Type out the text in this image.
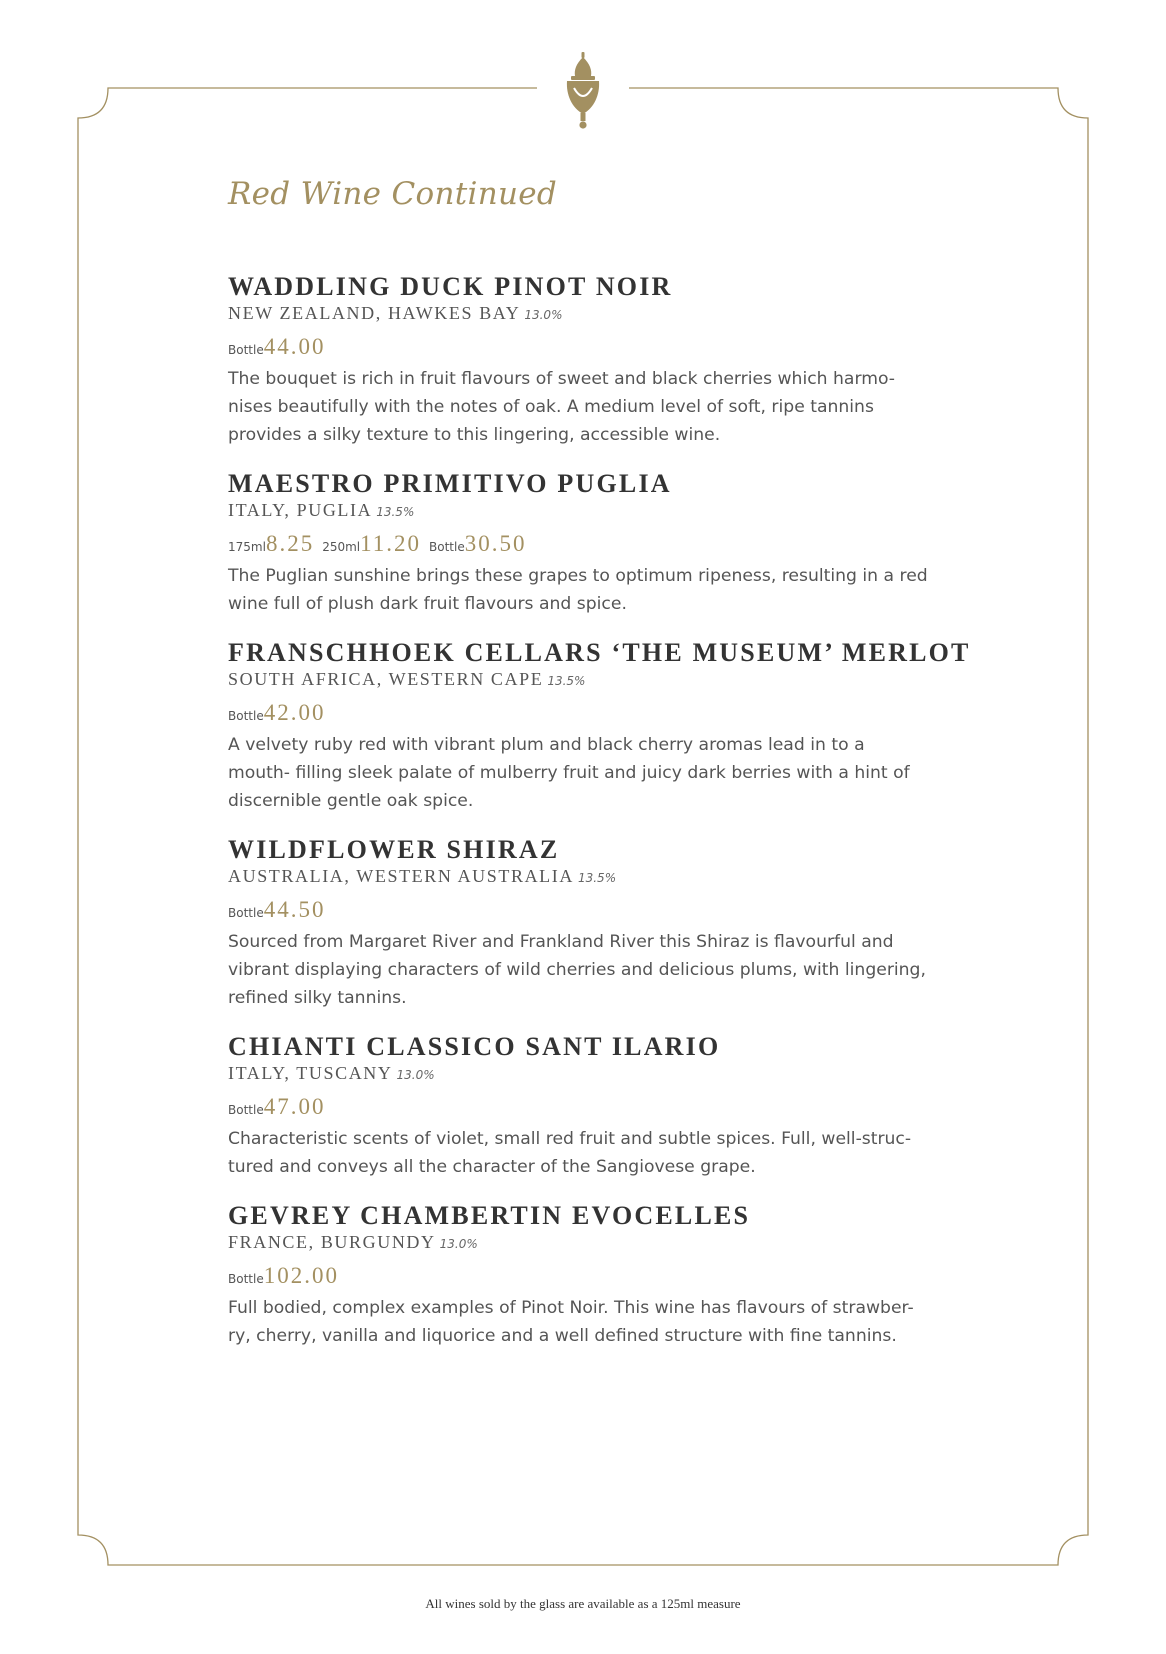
Red Wine Continued
WADDLING DUCK PINOT NOIR
NEW ZEALAND, HAWKES BAY 13.0%
Bottle44.00

The bouquet is rich in fruit flavours of sweet and black cherries which harmo-
nises beautifully with the notes of oak. A medium level of soft, ripe tannins
provides a silky texture to this lingering, accessible wine.

MAESTRO PRIMITIVO PUGLIA
ITALY, PUGLIA 13.5%
175ml8.25 250ml11.20 Bottle30.50

The Puglian sunshine brings these grapes to optimum ripeness, resulting in a red
wine full of plush dark fruit flavours and spice.

FRANSCHHOEK CELLARS ‘THE MUSEUM’ MERLOT
SOUTH AFRICA, WESTERN CAPE 13.5%
Bottle42.00

A velvety ruby red with vibrant plum and black cherry aromas lead in to a
mouth- filling sleek palate of mulberry fruit and juicy dark berries with a hint of
discernible gentle oak spice.

WILDFLOWER SHIRAZ
AUSTRALIA, WESTERN AUSTRALIA 13.5%
Bottle44.50

Sourced from Margaret River and Frankland River this Shiraz is flavourful and
vibrant displaying characters of wild cherries and delicious plums, with lingering,
refined silky tannins.

CHIANTI CLASSICO SANT ILARIO
ITALY, TUSCANY 13.0%
Bottle47.00

Characteristic scents of violet, small red fruit and subtle spices. Full, well-struc-
tured and conveys all the character of the Sangiovese grape.

GEVREY CHAMBERTIN EVOCELLES
FRANCE, BURGUNDY 13.0%
Bottle102.00

Full bodied, complex examples of Pinot Noir. This wine has flavours of strawber-
ry, cherry, vanilla and liquorice and a well defined structure with fine tannins.

All wines sold by the glass are available as a 125ml measure
